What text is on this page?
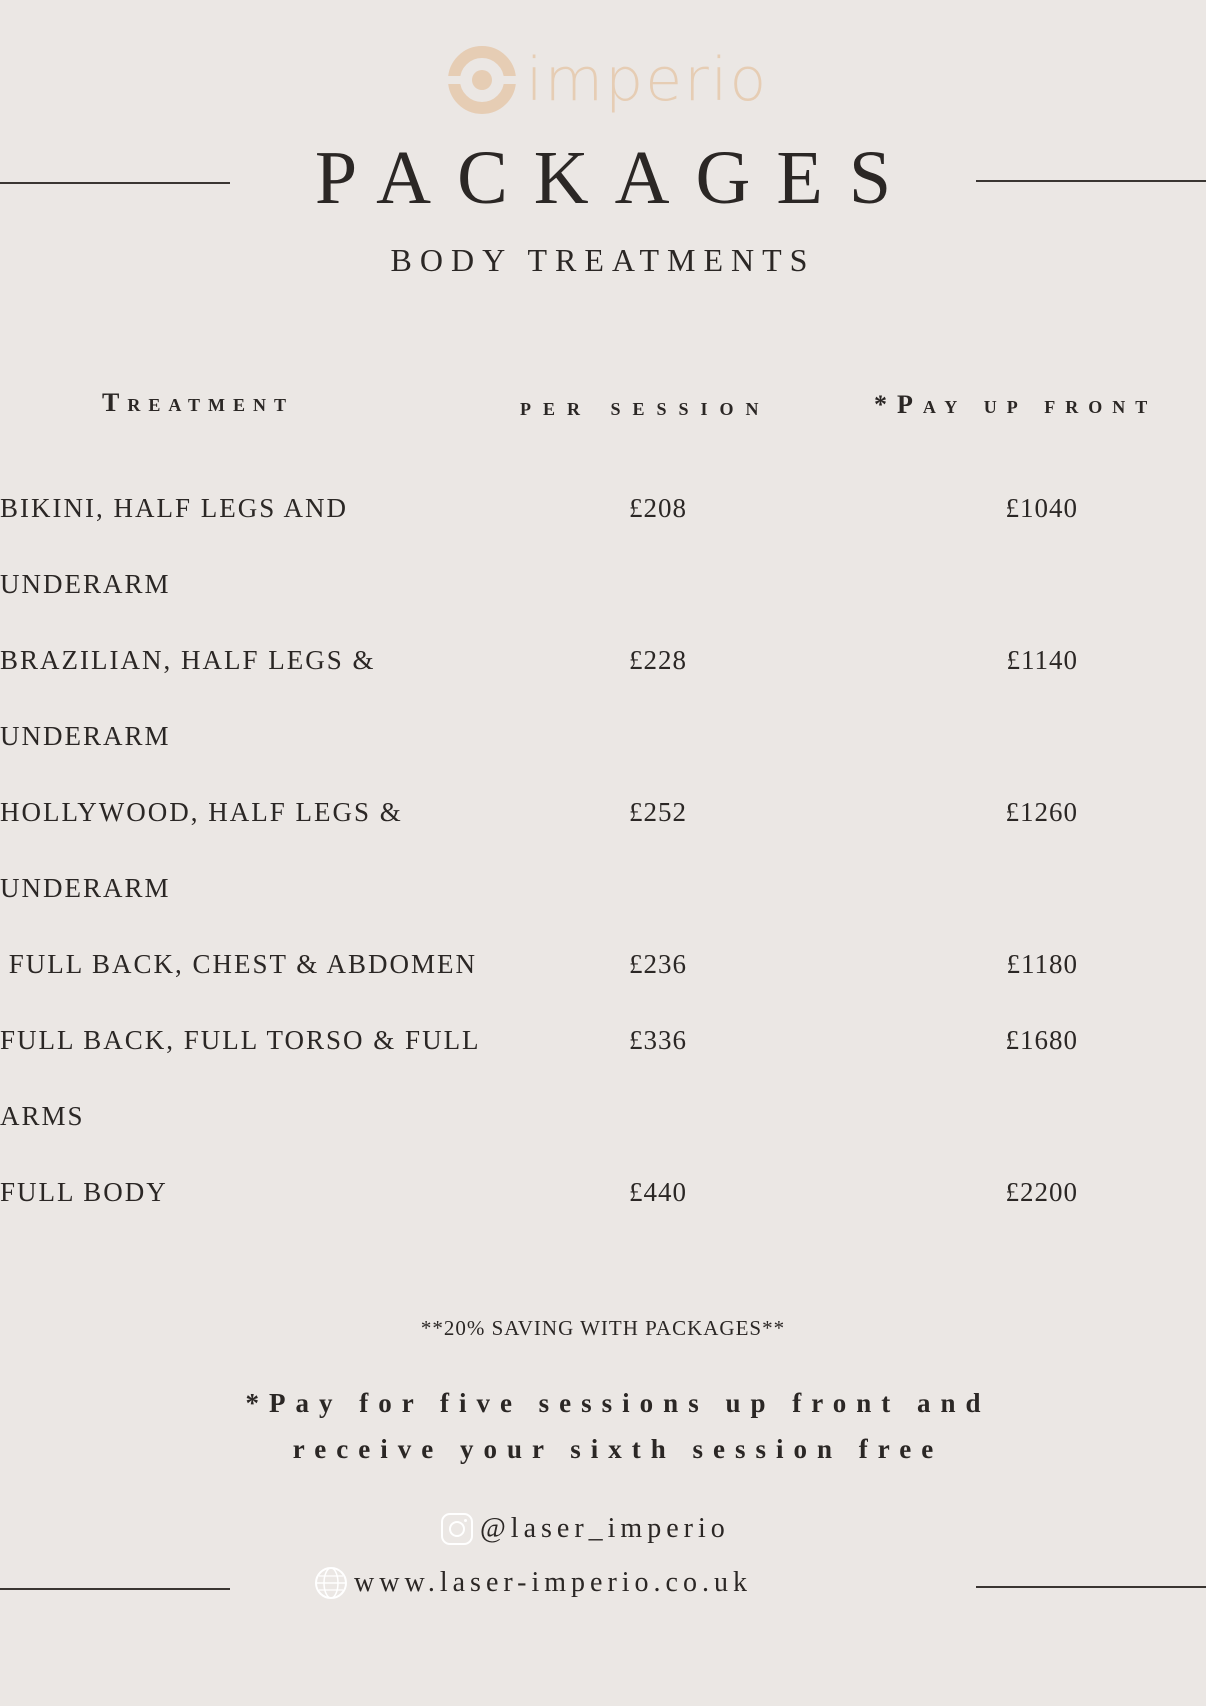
imperio
PACKAGES
BODY TREATMENTS
Treatment	per session	*Pay up front
BIKINI, HALF LEGS AND
UNDERARM
£208	£1040
BRAZILIAN, HALF LEGS &
UNDERARM
£228	£1140
HOLLYWOOD, HALF LEGS &
UNDERARM
£252	£1260
FULL BACK, CHEST & ABDOMEN	£236	£1180
FULL BACK, FULL TORSO & FULL
ARMS
£336	£1680
FULL BODY	£440	£2200
**20% SAVING WITH PACKAGES**
*Pay for five sessions up front and
receive your sixth session free
@laser_imperio
www.laser-imperio.co.uk
